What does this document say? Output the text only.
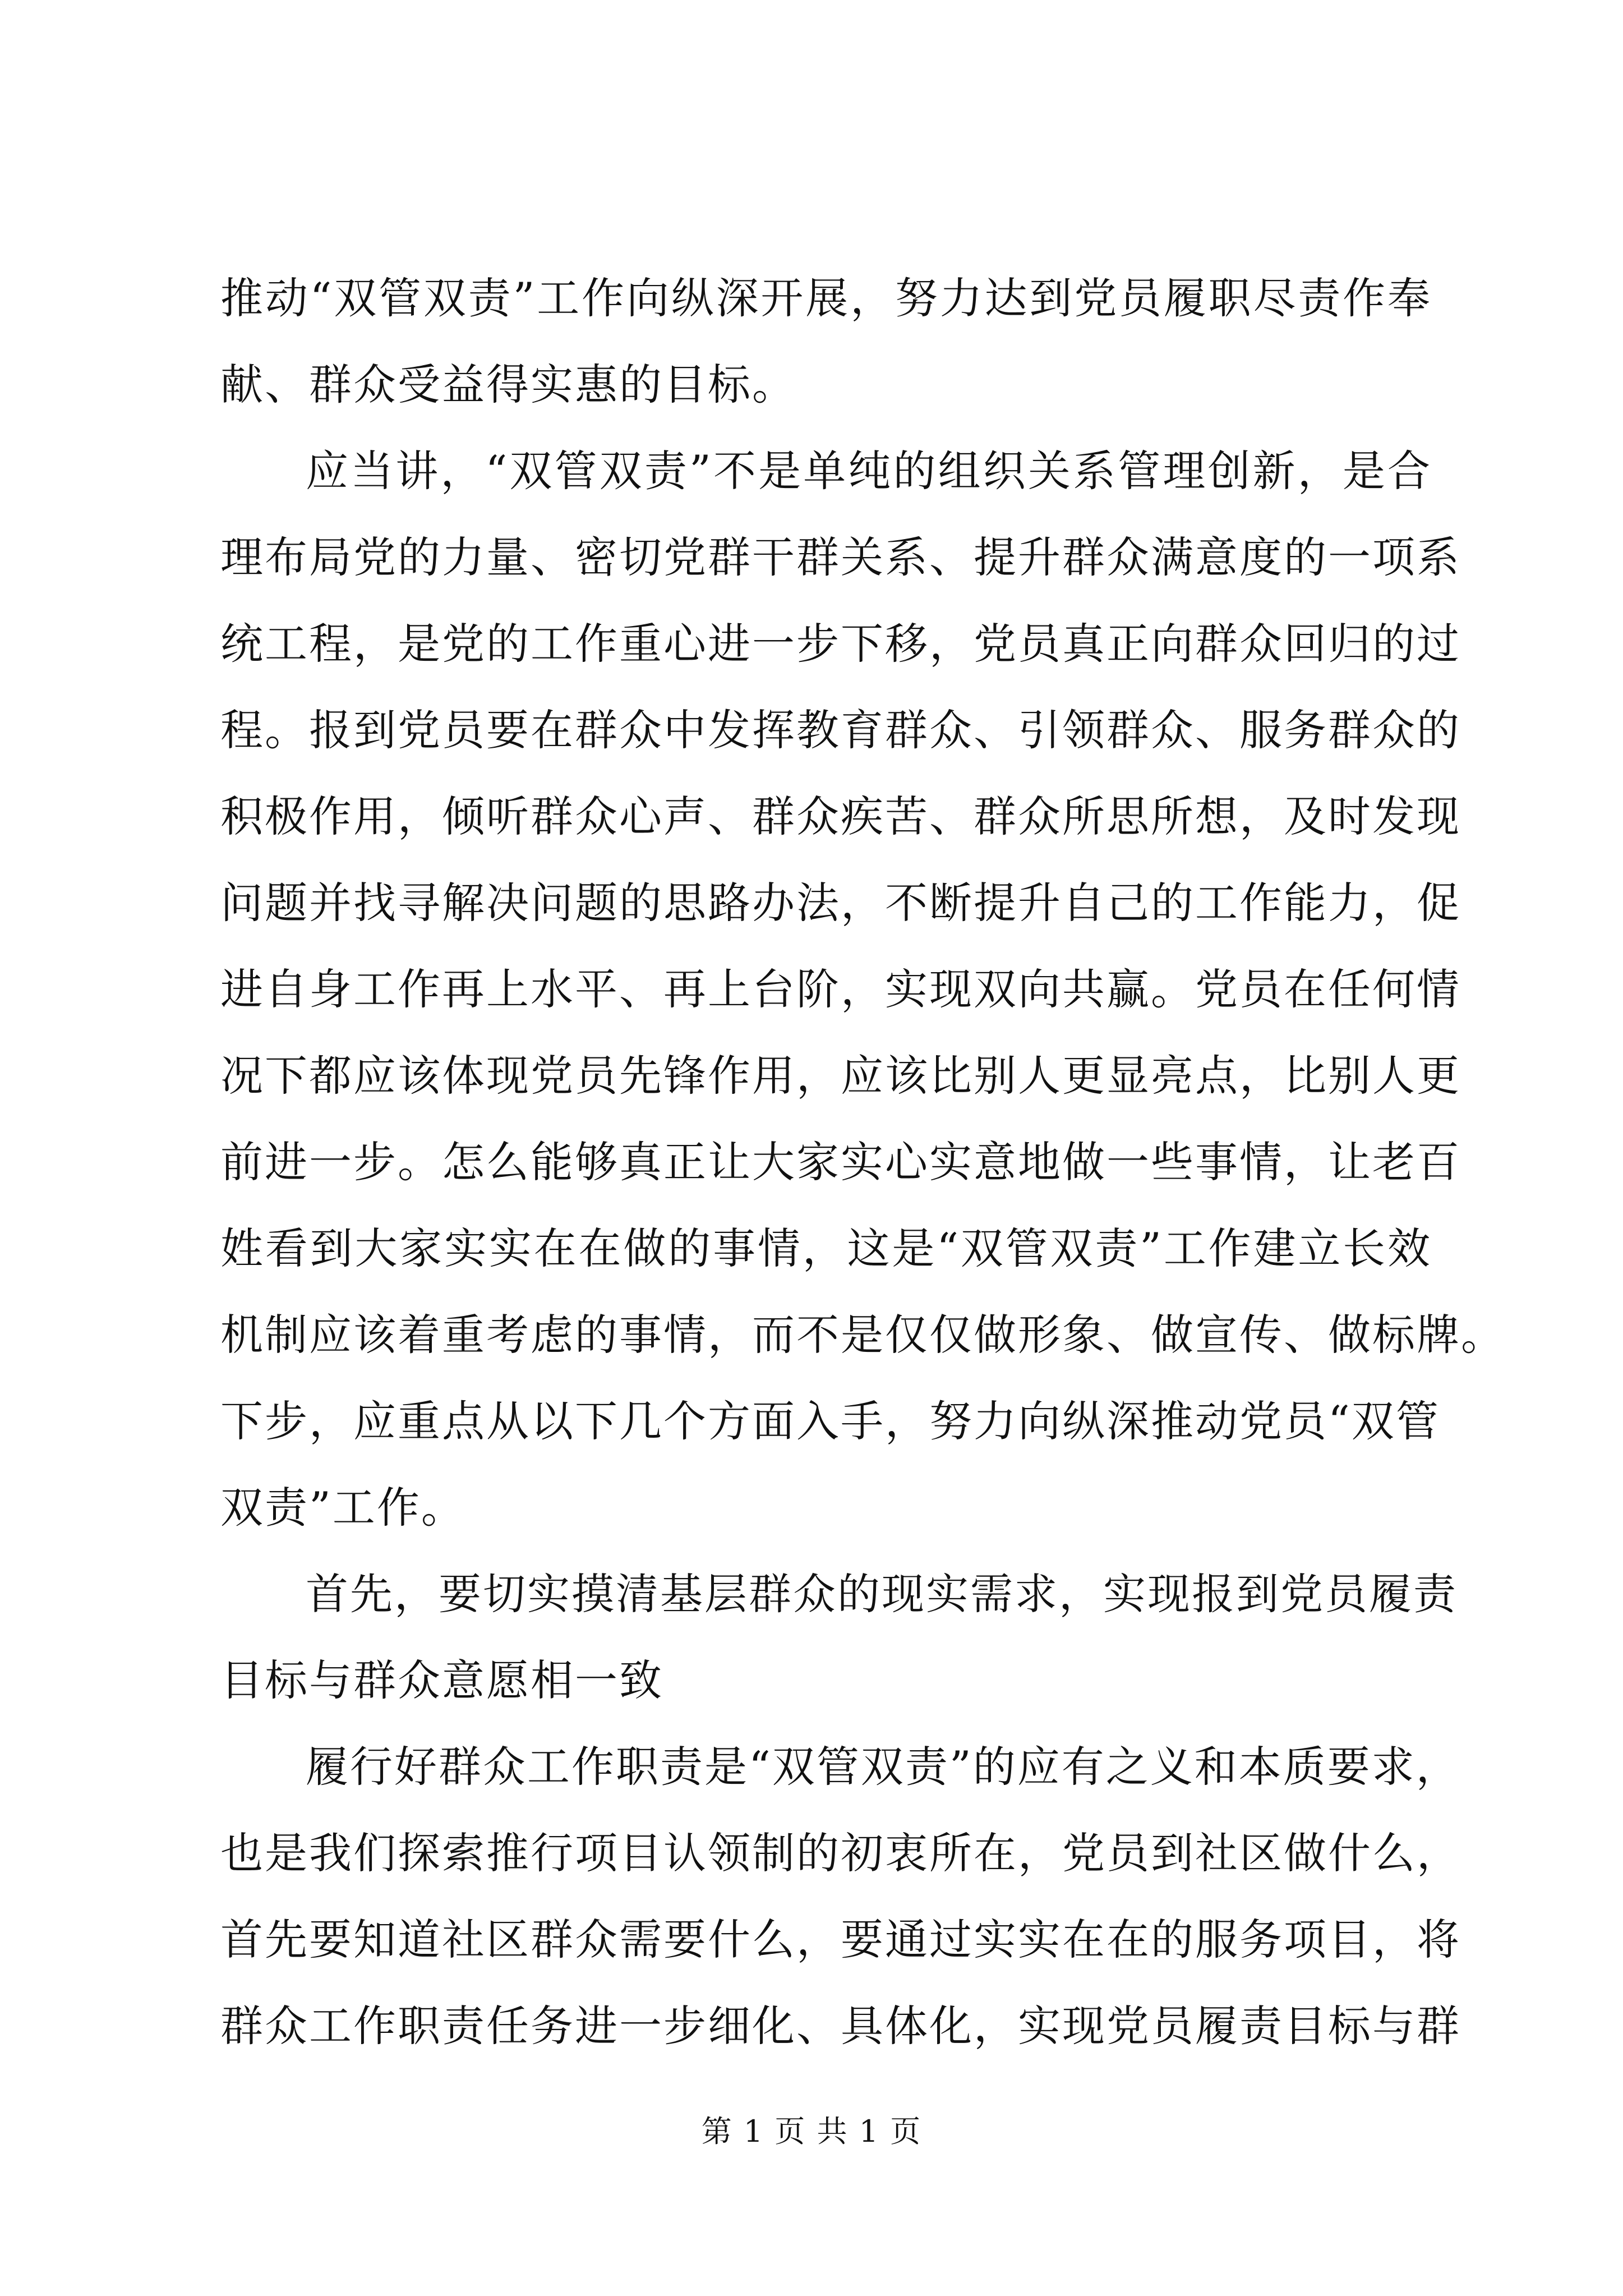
推动“双管双责”工作向纵深开展，努力达到党员履职尽责作奉
献、群众受益得实惠的目标。
应当讲，“双管双责”不是单纯的组织关系管理创新，是合
理布局党的力量、密切党群干群关系、提升群众满意度的一项系
统工程，是党的工作重心进一步下移，党员真正向群众回归的过
程。报到党员要在群众中发挥教育群众、引领群众、服务群众的
积极作用，倾听群众心声、群众疾苦、群众所思所想，及时发现
问题并找寻解决问题的思路办法，不断提升自己的工作能力，促
进自身工作再上水平、再上台阶，实现双向共赢。党员在任何情
况下都应该体现党员先锋作用，应该比别人更显亮点，比别人更
前进一步。怎么能够真正让大家实心实意地做一些事情，让老百
姓看到大家实实在在做的事情，这是“双管双责”工作建立长效
机制应该着重考虑的事情，而不是仅仅做形象、做宣传、做标牌。
下步，应重点从以下几个方面入手，努力向纵深推动党员“双管
双责”工作。
首先，要切实摸清基层群众的现实需求，实现报到党员履责
目标与群众意愿相一致
履行好群众工作职责是“双管双责”的应有之义和本质要求，
也是我们探索推行项目认领制的初衷所在，党员到社区做什么，
首先要知道社区群众需要什么，要通过实实在在的服务项目，将
群众工作职责任务进一步细化、具体化，实现党员履责目标与群
第 1 页 共 1 页
